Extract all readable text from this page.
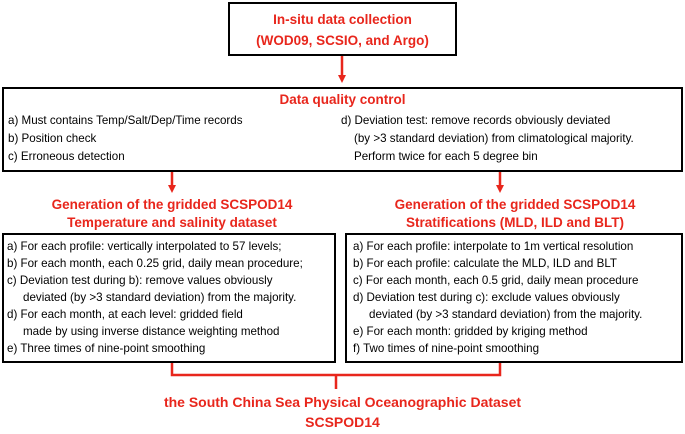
In-situ data collection
(WOD09, SCSIO, and Argo)
Data quality control
a) Must contains Temp/Salt/Dep/Time records
b) Position check
c) Erroneous detection
d) Deviation test: remove records obviously deviated
(by >3 standard deviation) from climatological majority.
Perform twice for each 5 degree bin
Generation of the gridded SCSPOD14
Temperature and salinity dataset
Generation of the gridded SCSPOD14
Stratifications (MLD, ILD and BLT)
a) For each profile: vertically interpolated to 57 levels;
b) For each month, each 0.25 grid, daily mean procedure;
c) Deviation test during b): remove values obviously
deviated (by >3 standard deviation) from the majority.
d) For each month, at each level: gridded field
made by using inverse distance weighting method
e) Three times of nine-point smoothing
a) For each profile: interpolate to 1m vertical resolution
b) For each profile: calculate the MLD, ILD and BLT
c) For each month, each 0.5 grid, daily mean procedure
d) Deviation test during c): exclude values obviously
deviated (by >3 standard deviation) from the majority.
e) For each month: gridded by kriging method
f) Two times of nine-point smoothing
the South China Sea Physical Oceanographic Dataset
SCSPOD14
